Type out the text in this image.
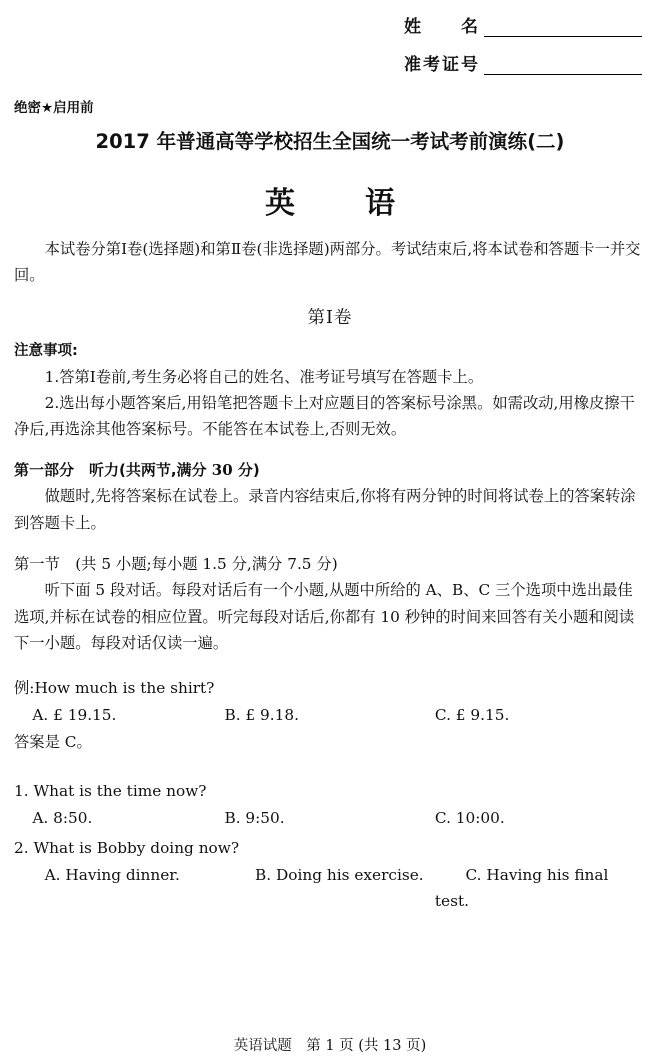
姓　　名
准考证号
绝密★启用前
2017 年普通高等学校招生全国统一考试考前演练(二)
英　语

本试卷分第Ⅰ卷(选择题)和第Ⅱ卷(非选择题)两部分。考试结束后,将本试卷和答题卡一并交回。

第Ⅰ卷

注意事项:

1.答第Ⅰ卷前,考生务必将自己的姓名、准考证号填写在答题卡上。

2.选出每小题答案后,用铅笔把答题卡上对应题目的答案标号涂黑。如需改动,用橡皮擦干净后,再选涂其他答案标号。不能答在本试卷上,否则无效。

第一部分　听力(共两节,满分 30 分)

做题时,先将答案标在试卷上。录音内容结束后,你将有两分钟的时间将试卷上的答案转涂到答题卡上。

第一节　(共 5 小题;每小题 1.5 分,满分 7.5 分)

听下面 5 段对话。每段对话后有一个小题,从题中所给的 A、B、C 三个选项中选出最佳选项,并标在试卷的相应位置。听完每段对话后,你都有 10 秒钟的时间来回答有关小题和阅读下一小题。每段对话仅读一遍。

例:How much is the shirt?

A. £ 19.15.	B. £ 9.18.	C. £ 9.15.

答案是 C。

1. What is the time now?

A. 8:50.	B. 9:50.	C. 10:00.

2. What is Bobby doing now?

A. Having dinner.	B. Doing his exercise.	C. Having his final test.
英语试题　第 1 页 (共 13 页)
